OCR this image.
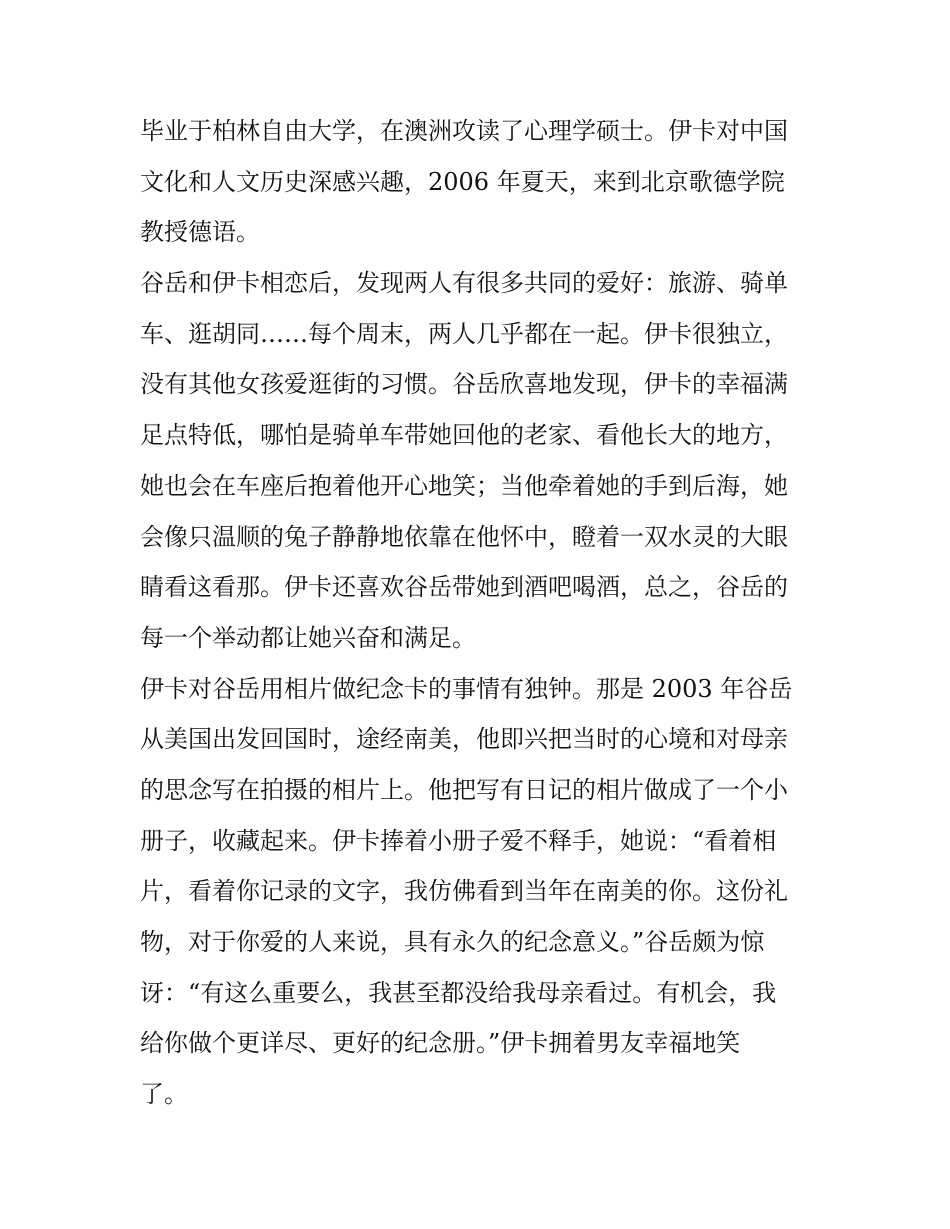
毕业于柏林自由大学，在澳洲攻读了心理学硕士。伊卡对中国
文化和人文历史深感兴趣，2006 年夏天，来到北京歌德学院
教授德语。
谷岳和伊卡相恋后，发现两人有很多共同的爱好：旅游、骑单
车、逛胡同……每个周末，两人几乎都在一起。伊卡很独立，
没有其他女孩爱逛街的习惯。谷岳欣喜地发现，伊卡的幸福满
足点特低，哪怕是骑单车带她回他的老家、看他长大的地方，
她也会在车座后抱着他开心地笑；当他牵着她的手到后海，她
会像只温顺的兔子静静地依靠在他怀中，瞪着一双水灵的大眼
睛看这看那。伊卡还喜欢谷岳带她到酒吧喝酒，总之，谷岳的
每一个举动都让她兴奋和满足。
伊卡对谷岳用相片做纪念卡的事情有独钟。那是 2003 年谷岳
从美国出发回国时，途经南美，他即兴把当时的心境和对母亲
的思念写在拍摄的相片上。他把写有日记的相片做成了一个小
册子，收藏起来。伊卡捧着小册子爱不释手，她说：“看着相
片，看着你记录的文字，我仿佛看到当年在南美的你。这份礼
物，对于你爱的人来说，具有永久的纪念意义。”谷岳颇为惊
讶：“有这么重要么，我甚至都没给我母亲看过。有机会，我
给你做个更详尽、更好的纪念册。”伊卡拥着男友幸福地笑
了。
